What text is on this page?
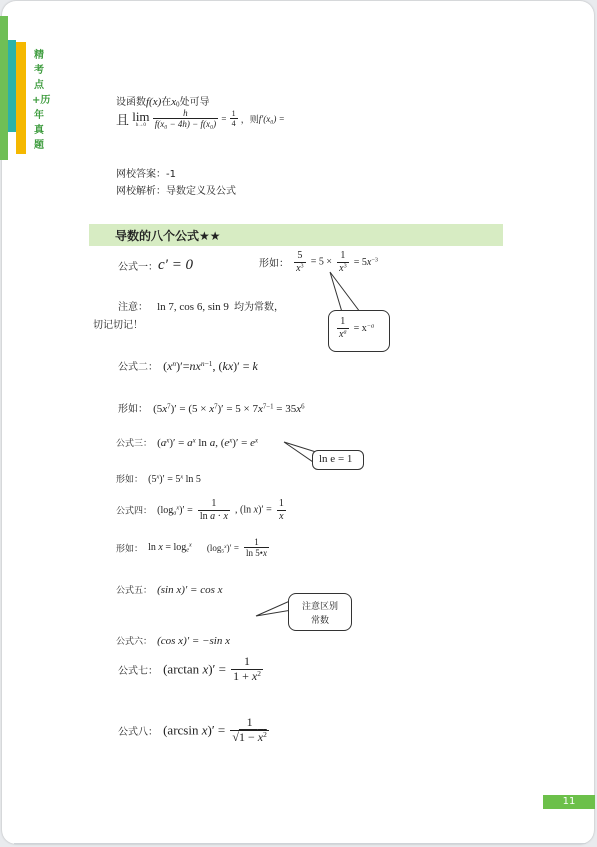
精考点+历年真题
设函数f(x)在$x_0$处可导
且 lim
h→0
$\frac{h}{\text{f(x₀ − 4h) − f(x₀)}} = \frac{1}{4}$ ，则f′(x₀) =
网校答案：-1
网校解析：导数定义及公式
导数的八个公式★★
公式一：c′ = 0	形如： $\frac{5}{x^3} = 5 \times \frac{1}{x^3} = 5x^{-3}$
$\frac{1}{x^a} = x^{-a}$
注意： ln 7, cos 6, sin 9 均为常数，
切记切记！
公式二： $(x^n)'=nx^{n-1}$, (kx)′ = k
形如： $(5x^7)' = (5 \times x^7)' = 5 \times 7x^{7-1} = 35x^6$
公式三： $(a^x)' = a^x$ ln a, $(e^x)' = e^x$
ln e = 1
形如： $(5^x)' = 5^x$ ln 5
公式四： $(\log_a^x)' = \frac{1}{\text{ln a · x}}$ , (ln $x)' = \frac{1}{x}$
形如： $\ln x = \log_e^x (\log_5^x)' = \frac{1}{\ln 5•x}$
公式五： (sin x)′ = cos x
注意区别
常数
公式六： (cos x)′ = −sin x
公式七： (arctan $x)' = \frac{1}{1 + x^2}$
公式八： (arcsin $x)' = \frac{1}{√1 - x^2}$
11
